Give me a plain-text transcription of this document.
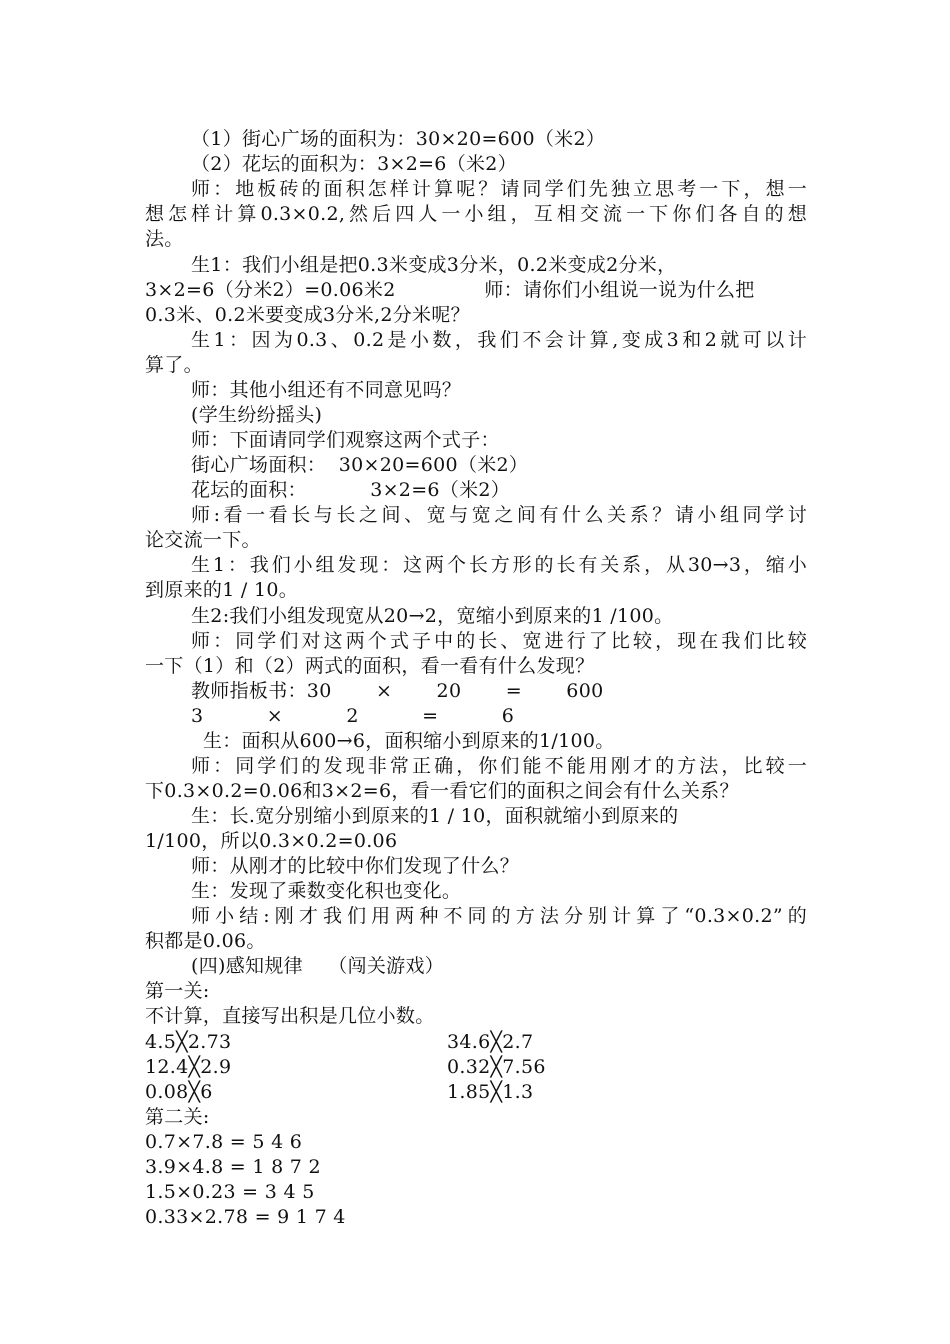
（1）街心广场的面积为：30×20=600（米2）
（2）花坛的面积为：3×2=6（米2）
师：地板砖的面积怎样计算呢？请同学们先独立思考一下，想一
想怎样计算0.3×0.2,然后四人一小组，互相交流一下你们各自的想
法。
生1：我们小组是把0.3米变成3分米，0.2米变成2分米，
3×2=6（分米2）=0.06米2              师：请你们小组说一说为什么把
0.3米、0.2米要变成3分米,2分米呢？
生1：因为0.3、0.2是小数，我们不会计算,变成3和2就可以计
算了。
师：其他小组还有不同意见吗？
(学生纷纷摇头)
师：下面请同学们观察这两个式子：
街心广场面积：  30×20=600（米2）
花坛的面积：          3×2=6（米2）
师:看一看长与长之间、宽与宽之间有什么关系？请小组同学讨
论交流一下。
生1：我们小组发现：这两个长方形的长有关系，从30→3，缩小
到原来的1 / 10。
生2:我们小组发现宽从20→2，宽缩小到原来的1 /100。
师：同学们对这两个式子中的长、宽进行了比较，现在我们比较
一下（1）和（2）两式的面积，看一看有什么发现？
教师指板书：30       ×       20       =       600
3          ×          2          =          6
生：面积从600→6，面积缩小到原来的1/100。
师：同学们的发现非常正确，你们能不能用刚才的方法，比较一
下0.3×0.2=0.06和3×2=6，看一看它们的面积之间会有什么关系？
生：长.宽分别缩小到原来的1 / 10，面积就缩小到原来的
1/100，所以0.3×0.2=0.06
师：从刚才的比较中你们发现了什么？
生：发现了乘数变化积也变化。
师小结:刚才我们用两种不同的方法分别计算了“0.3×0.2”的
积都是0.06。
(四)感知规律    （闯关游戏）
第一关:
不计算，直接写出积是几位小数。
4.5╳2.73	34.6╳2.7
12.4╳2.9	0.32╳7.56
0.08╳6	1.85╳1.3
第二关:
0.7×7.8 = 5 4 6
3.9×4.8 = 1 8 7 2
1.5×0.23 = 3 4 5
0.33×2.78 = 9 1 7 4
